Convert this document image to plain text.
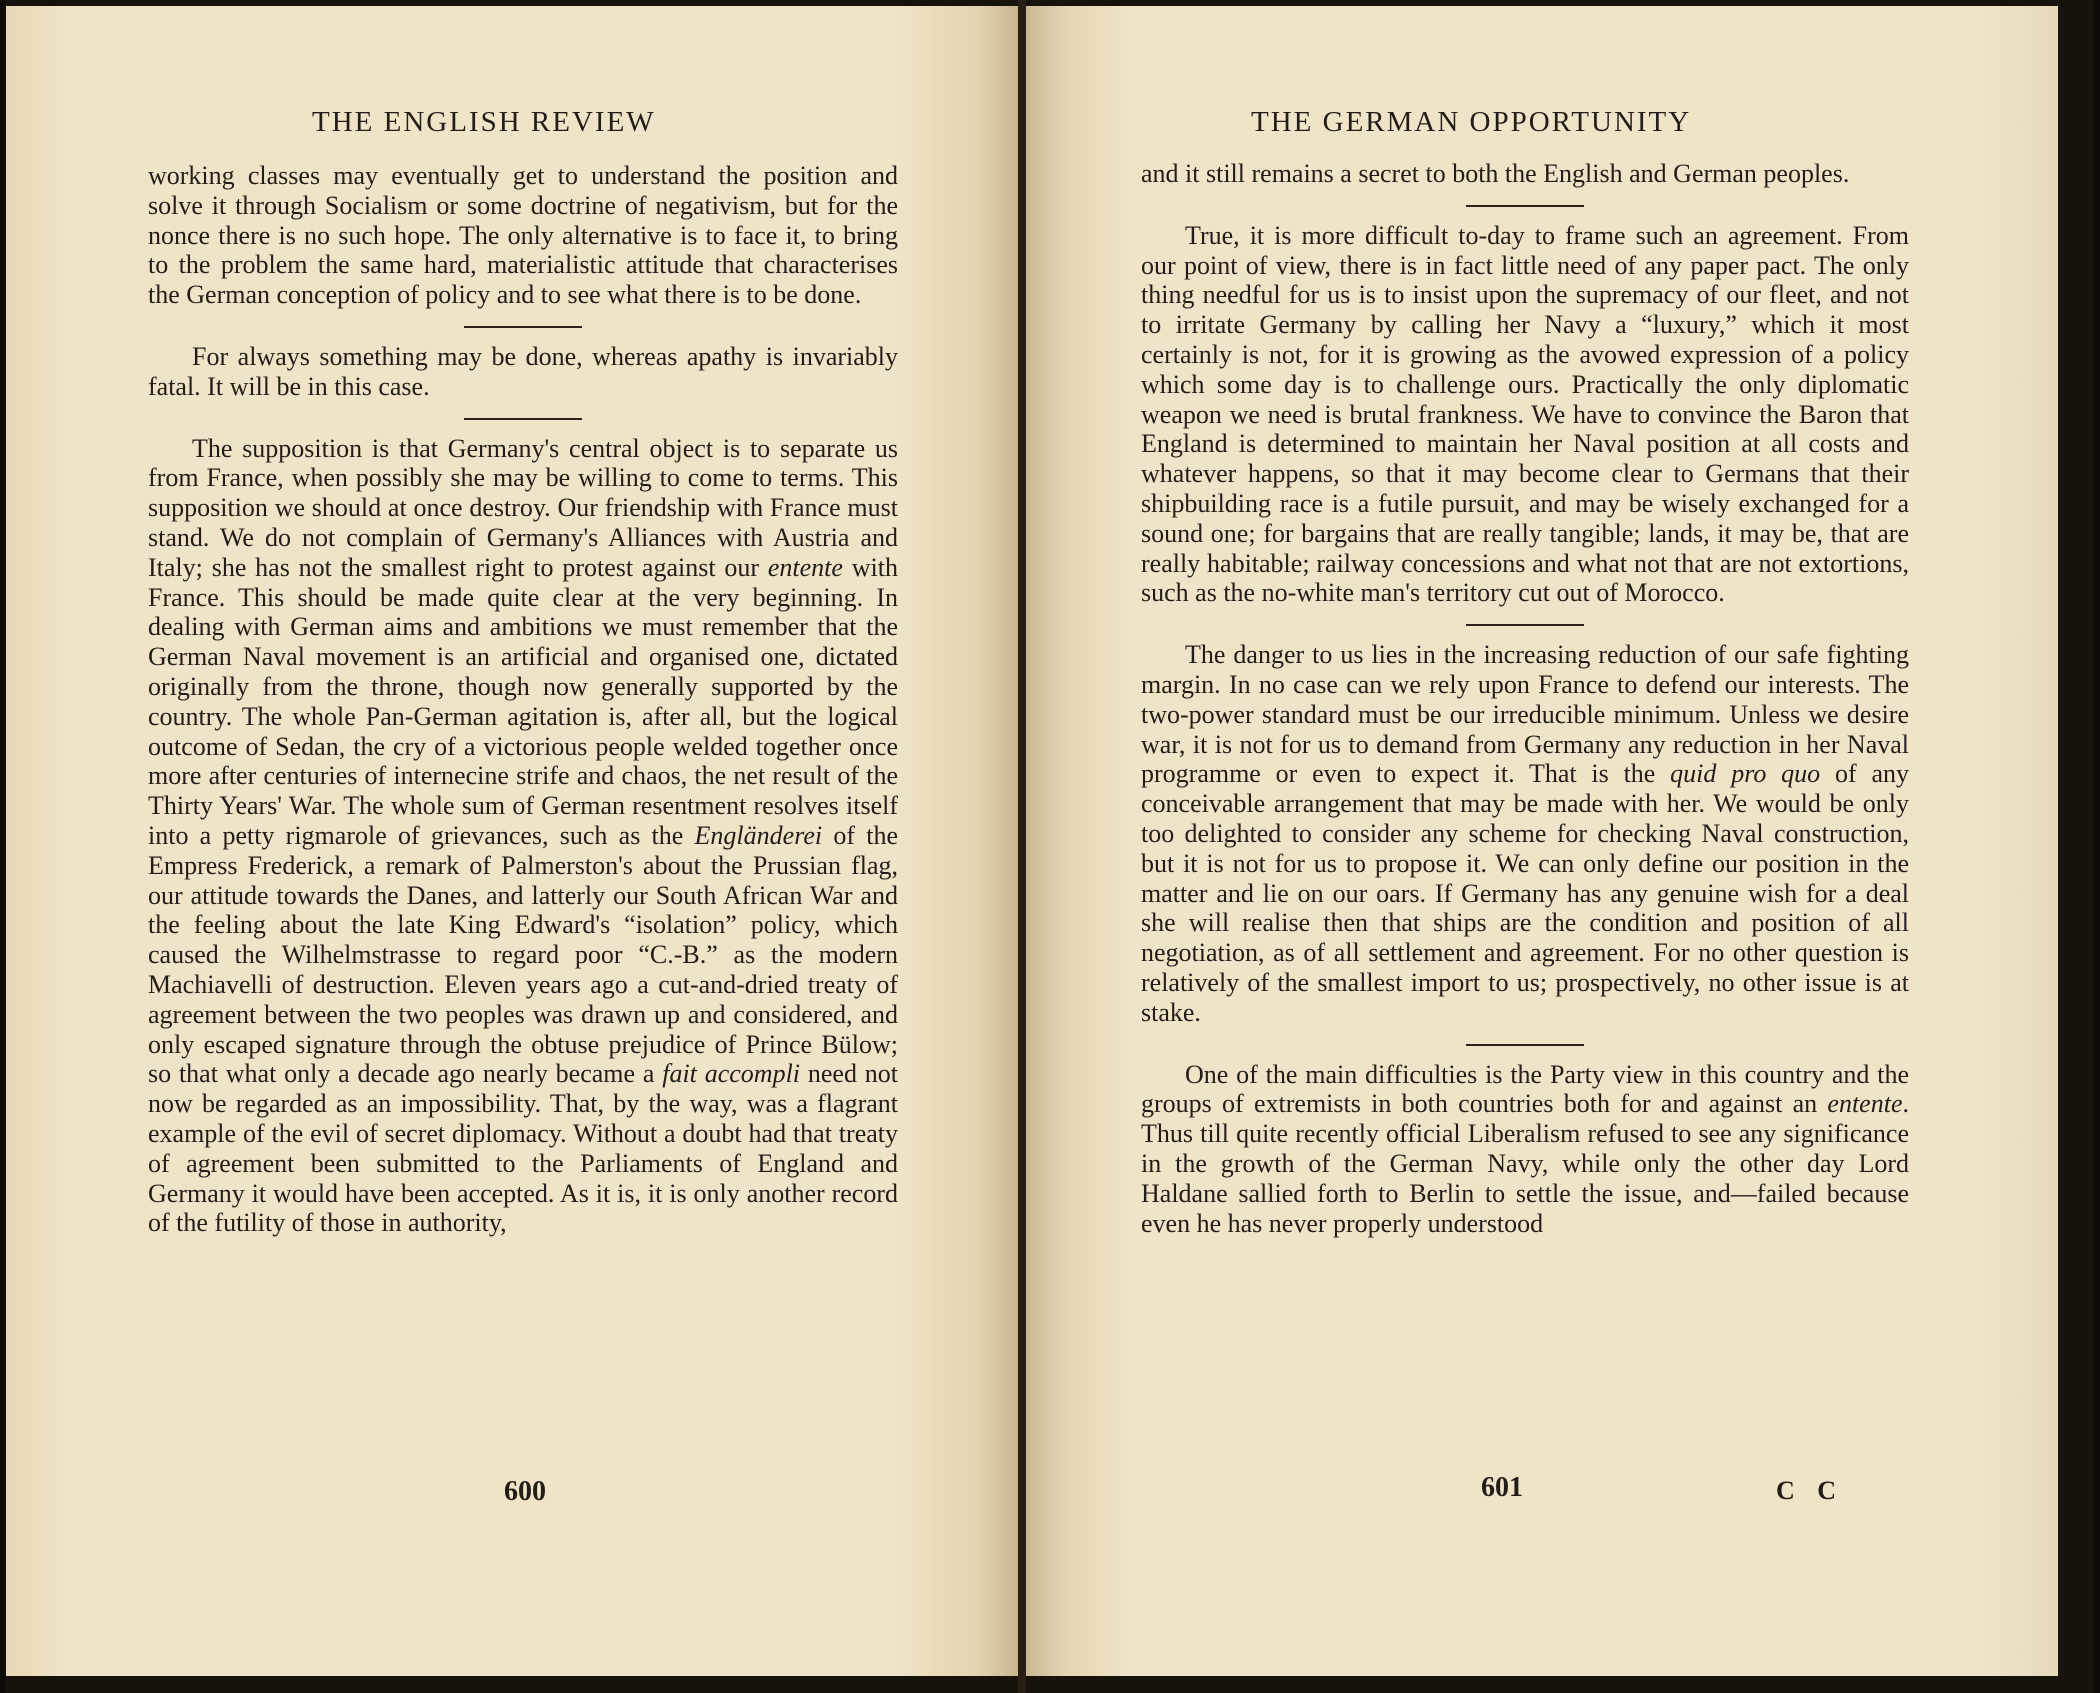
THE ENGLISH REVIEW

working classes may eventually get to understand the position and solve it through Socialism or some doctrine of negativism, but for the nonce there is no such hope. The only alternative is to face it, to bring to the problem the same hard, materialistic attitude that characterises the German conception of policy and to see what there is to be done.

For always something may be done, whereas apathy is invariably fatal. It will be in this case.

The supposition is that Germany's central object is to separate us from France, when possibly she may be willing to come to terms. This supposition we should at once destroy. Our friendship with France must stand. We do not complain of Germany's Alliances with Austria and Italy; she has not the smallest right to protest against our entente with France. This should be made quite clear at the very beginning. In dealing with German aims and ambitions we must remember that the German Naval movement is an artificial and organised one, dictated originally from the throne, though now generally supported by the country. The whole Pan-German agitation is, after all, but the logical outcome of Sedan, the cry of a victorious people welded together once more after centuries of internecine strife and chaos, the net result of the Thirty Years' War. The whole sum of German resentment resolves itself into a petty rigmarole of grievances, such as the Engländerei of the Empress Frederick, a remark of Palmerston's about the Prussian flag, our attitude towards the Danes, and latterly our South African War and the feeling about the late King Edward's “isolation” policy, which caused the Wilhelmstrasse to regard poor “C.-B.” as the modern Machiavelli of destruction. Eleven years ago a cut-and-dried treaty of agreement between the two peoples was drawn up and considered, and only escaped signature through the obtuse prejudice of Prince Bülow; so that what only a decade ago nearly became a fait accompli need not now be regarded as an impossibility. That, by the way, was a flagrant example of the evil of secret diplomacy. Without a doubt had that treaty of agreement been submitted to the Parliaments of England and Germany it would have been accepted. As it is, it is only another record of the futility of those in authority,

600
THE GERMAN OPPORTUNITY

and it still remains a secret to both the English and German peoples.

True, it is more difficult to-day to frame such an agreement. From our point of view, there is in fact little need of any paper pact. The only thing needful for us is to insist upon the supremacy of our fleet, and not to irritate Germany by calling her Navy a “luxury,” which it most certainly is not, for it is growing as the avowed expression of a policy which some day is to challenge ours. Practically the only diplomatic weapon we need is brutal frankness. We have to convince the Baron that England is determined to maintain her Naval position at all costs and whatever happens, so that it may become clear to Germans that their shipbuilding race is a futile pursuit, and may be wisely exchanged for a sound one; for bargains that are really tangible; lands, it may be, that are really habitable; railway concessions and what not that are not extortions, such as the no-white man's territory cut out of Morocco.

The danger to us lies in the increasing reduction of our safe fighting margin. In no case can we rely upon France to defend our interests. The two-power standard must be our irreducible minimum. Unless we desire war, it is not for us to demand from Germany any reduction in her Naval programme or even to expect it. That is the quid pro quo of any conceivable arrangement that may be made with her. We would be only too delighted to consider any scheme for checking Naval construction, but it is not for us to propose it. We can only define our position in the matter and lie on our oars. If Germany has any genuine wish for a deal she will realise then that ships are the condition and position of all negotiation, as of all settlement and agreement. For no other question is relatively of the smallest import to us; prospectively, no other issue is at stake.

One of the main difficulties is the Party view in this country and the groups of extremists in both countries both for and against an entente. Thus till quite recently official Liberalism refused to see any significance in the growth of the German Navy, while only the other day Lord Haldane sallied forth to Berlin to settle the issue, and—failed because even he has never properly understood

601	C C
